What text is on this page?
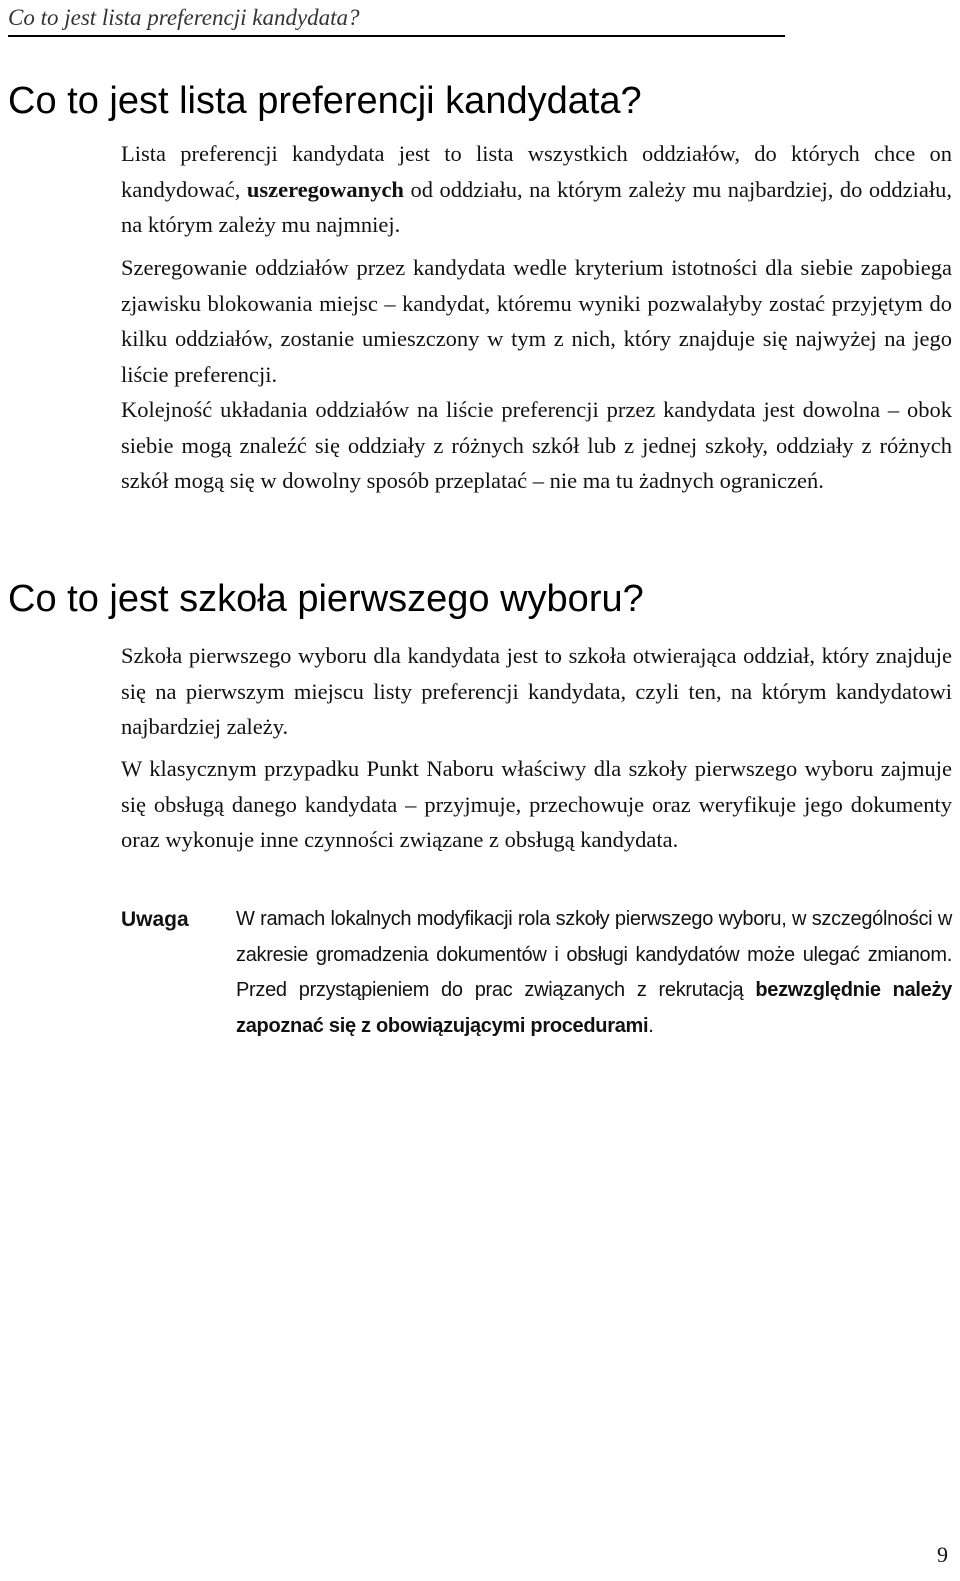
Co to jest lista preferencji kandydata?
Co to jest lista preferencji kandydata?

Lista preferencji kandydata jest to lista wszystkich oddziałów, do których chce on kandydować, uszeregowanych od oddziału, na którym zależy mu najbardziej, do oddziału, na którym zależy mu najmniej.

Szeregowanie oddziałów przez kandydata wedle kryterium istotności dla siebie zapobiega zjawisku blokowania miejsc – kandydat, któremu wyniki pozwalałyby zostać przyjętym do kilku oddziałów, zostanie umieszczony w tym z nich, który znajduje się najwyżej na jego liście preferencji.

Kolejność układania oddziałów na liście preferencji przez kandydata jest dowolna – obok siebie mogą znaleźć się oddziały z różnych szkół lub z jednej szkoły, oddziały z różnych szkół mogą się w dowolny sposób przeplatać – nie ma tu żadnych ograniczeń.

Co to jest szkoła pierwszego wyboru?

Szkoła pierwszego wyboru dla kandydata jest to szkoła otwierająca oddział, który znajduje się na pierwszym miejscu listy preferencji kandydata, czyli ten, na którym kandydatowi najbardziej zależy.

W klasycznym przypadku Punkt Naboru właściwy dla szkoły pierwszego wyboru zajmuje się obsługą danego kandydata – przyjmuje, przechowuje oraz weryfikuje jego dokumenty oraz wykonuje inne czynności związane z obsługą kandydata.

Uwaga W ramach lokalnych modyfikacji rola szkoły pierwszego wyboru, w szczególności w zakresie gromadzenia dokumentów i obsługi kandydatów może ulegać zmianom. Przed przystąpieniem do prac związanych z rekrutacją bezwzględnie należy zapoznać się z obowiązującymi procedurami.

9
